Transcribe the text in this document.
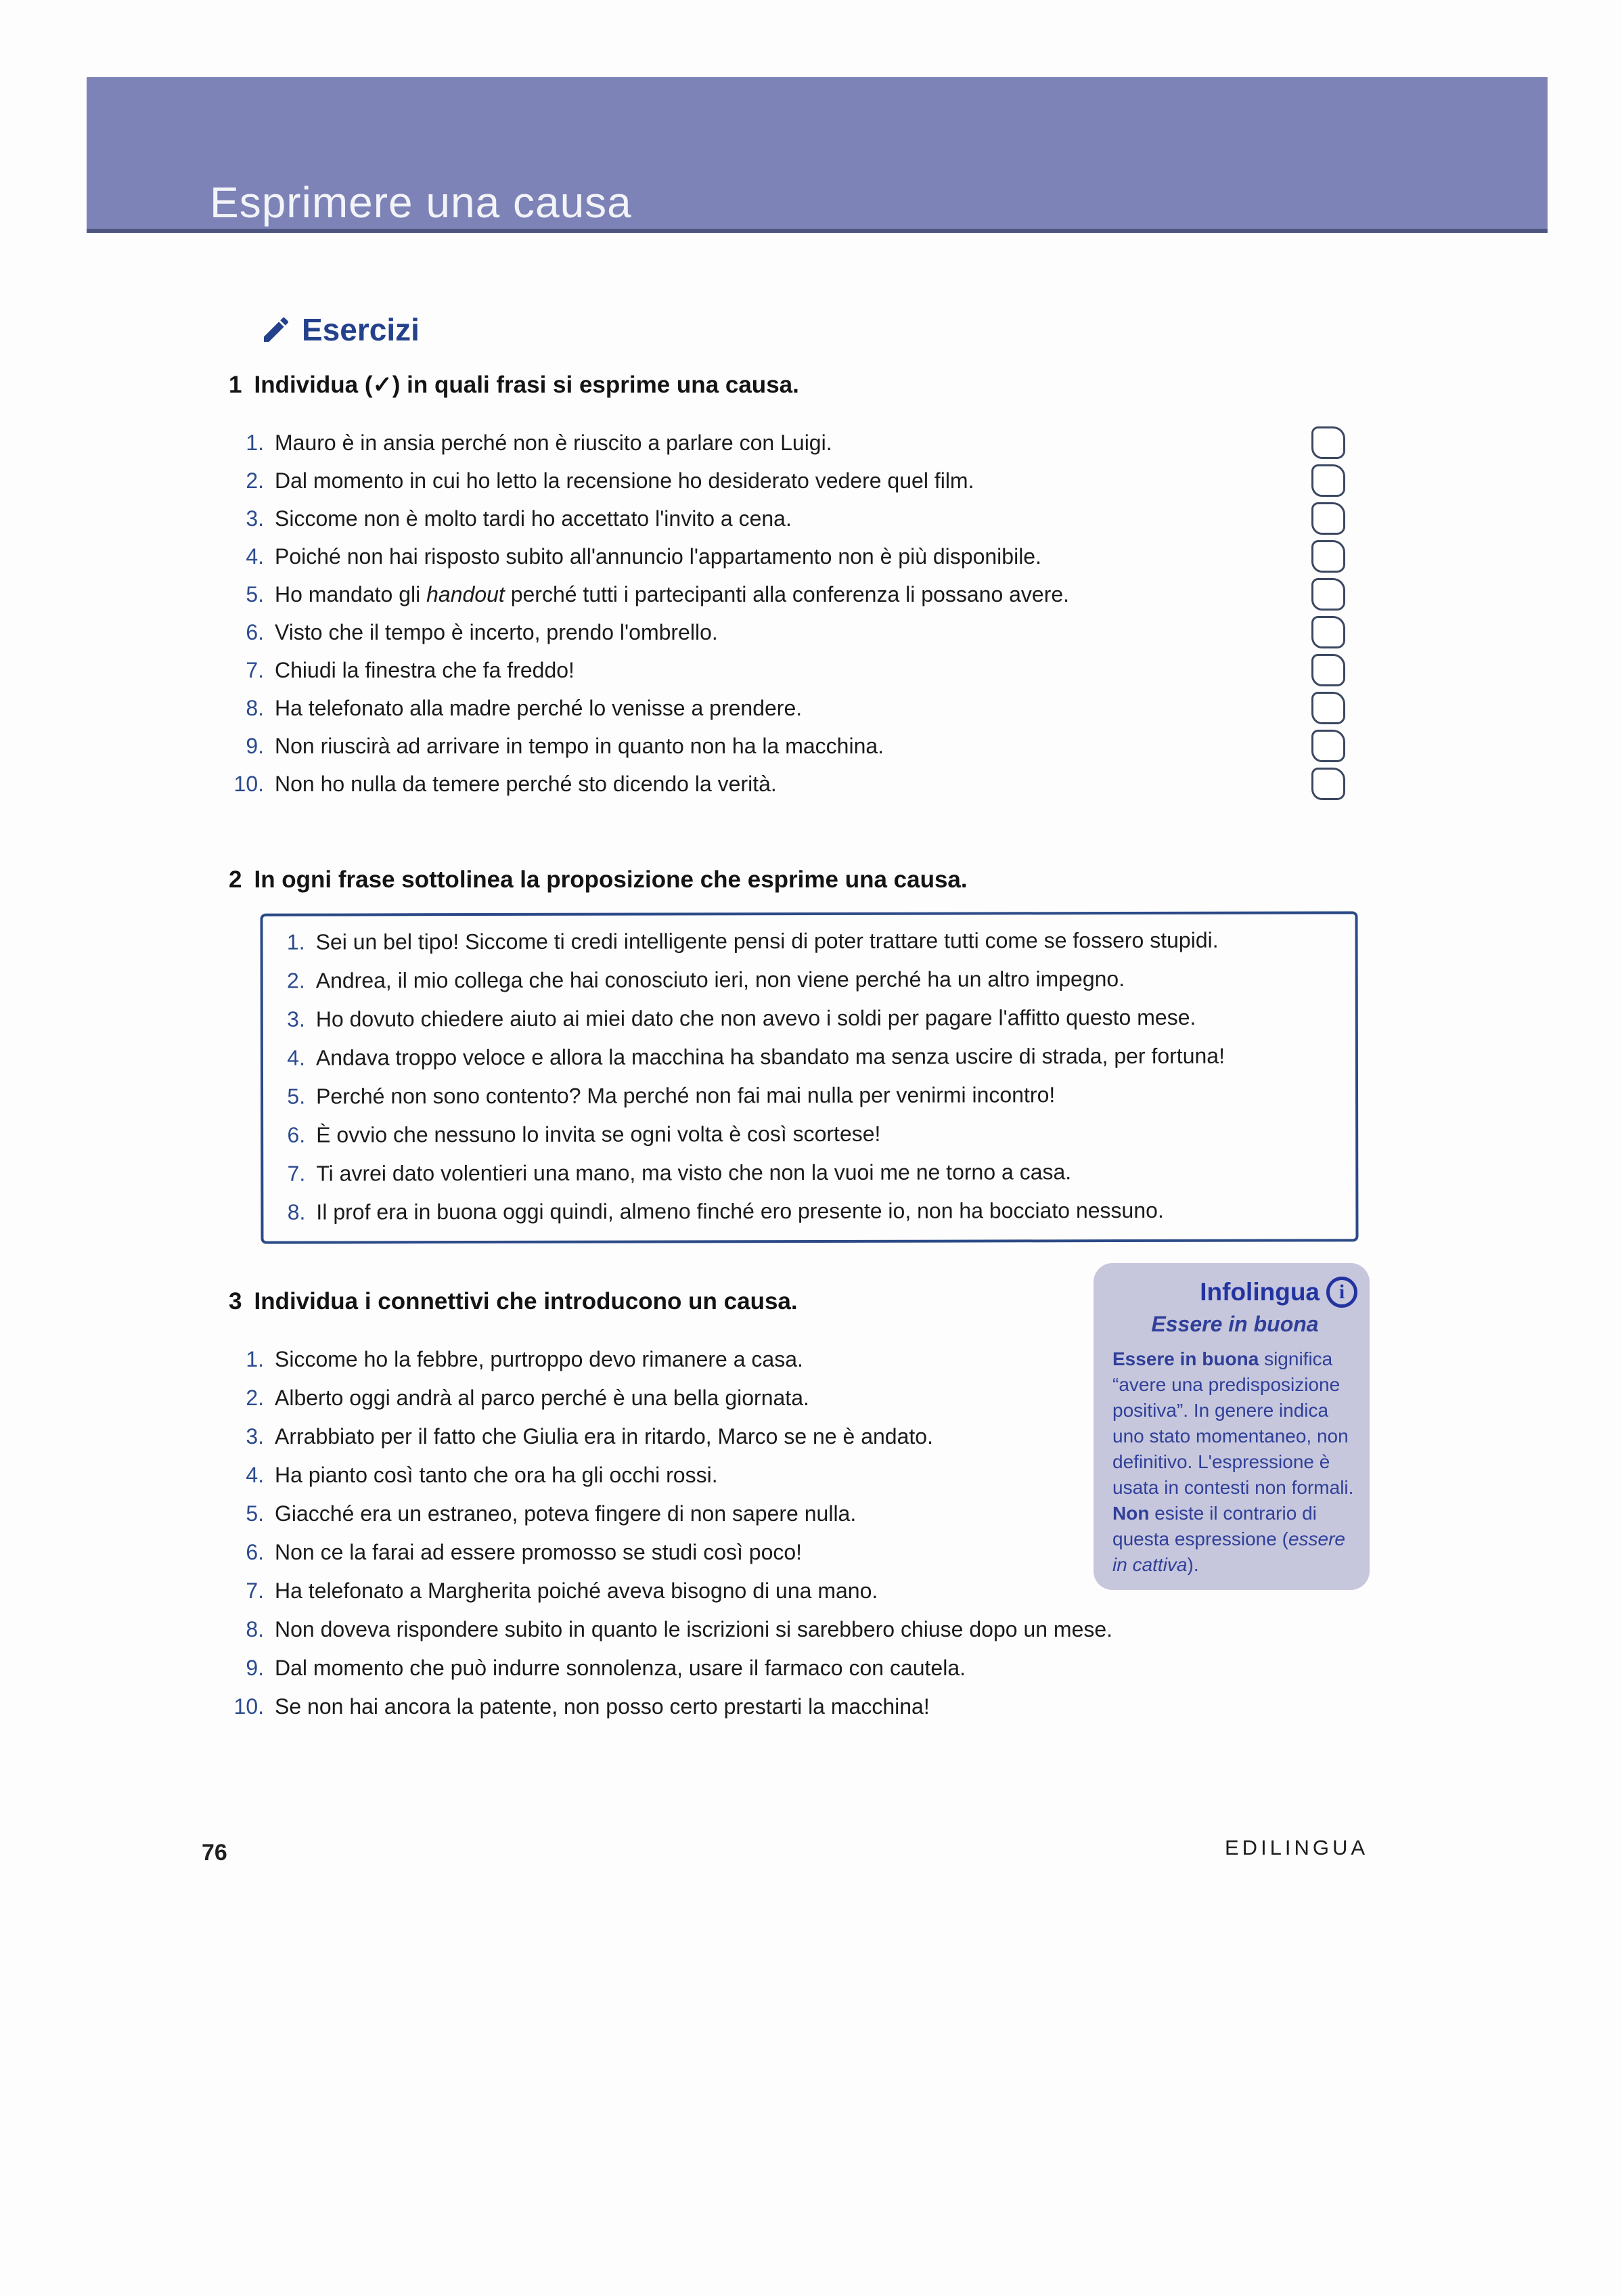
Esprimere una causa
Esercizi
1 Individua (✓) in quali frasi si esprime una causa.
1. Mauro è in ansia perché non è riuscito a parlare con Luigi.
2. Dal momento in cui ho letto la recensione ho desiderato vedere quel film.
3. Siccome non è molto tardi ho accettato l'invito a cena.
4. Poiché non hai risposto subito all'annuncio l'appartamento non è più disponibile.
5. Ho mandato gli handout perché tutti i partecipanti alla conferenza li possano avere.
6. Visto che il tempo è incerto, prendo l'ombrello.
7. Chiudi la finestra che fa freddo!
8. Ha telefonato alla madre perché lo venisse a prendere.
9. Non riuscirà ad arrivare in tempo in quanto non ha la macchina.
10. Non ho nulla da temere perché sto dicendo la verità.
2 In ogni frase sottolinea la proposizione che esprime una causa.
1. Sei un bel tipo! Siccome ti credi intelligente pensi di poter trattare tutti come se fossero stupidi.
2. Andrea, il mio collega che hai conosciuto ieri, non viene perché ha un altro impegno.
3. Ho dovuto chiedere aiuto ai miei dato che non avevo i soldi per pagare l'affitto questo mese.
4. Andava troppo veloce e allora la macchina ha sbandato ma senza uscire di strada, per fortuna!
5. Perché non sono contento? Ma perché non fai mai nulla per venirmi incontro!
6. È ovvio che nessuno lo invita se ogni volta è così scortese!
7. Ti avrei dato volentieri una mano, ma visto che non la vuoi me ne torno a casa.
8. Il prof era in buona oggi quindi, almeno finché ero presente io, non ha bocciato nessuno.
3 Individua i connettivi che introducono un causa.	Infolingua i
Essere in buona
Essere in buona significa “avere una predisposizione positiva”. In genere indica uno stato momentaneo, non definitivo. L'espressione è usata in contesti non formali. Non esiste il contrario di questa espressione (essere in cattiva).
1. Siccome ho la febbre, purtroppo devo rimanere a casa.
2. Alberto oggi andrà al parco perché è una bella giornata.
3. Arrabbiato per il fatto che Giulia era in ritardo, Marco se ne è andato.
4. Ha pianto così tanto che ora ha gli occhi rossi.
5. Giacché era un estraneo, poteva fingere di non sapere nulla.
6. Non ce la farai ad essere promosso se studi così poco!
7. Ha telefonato a Margherita poiché aveva bisogno di una mano.
8. Non doveva rispondere subito in quanto le iscrizioni si sarebbero chiuse dopo un mese.
9. Dal momento che può indurre sonnolenza, usare il farmaco con cautela.
10. Se non hai ancora la patente, non posso certo prestarti la macchina!
76	EDILINGUA
